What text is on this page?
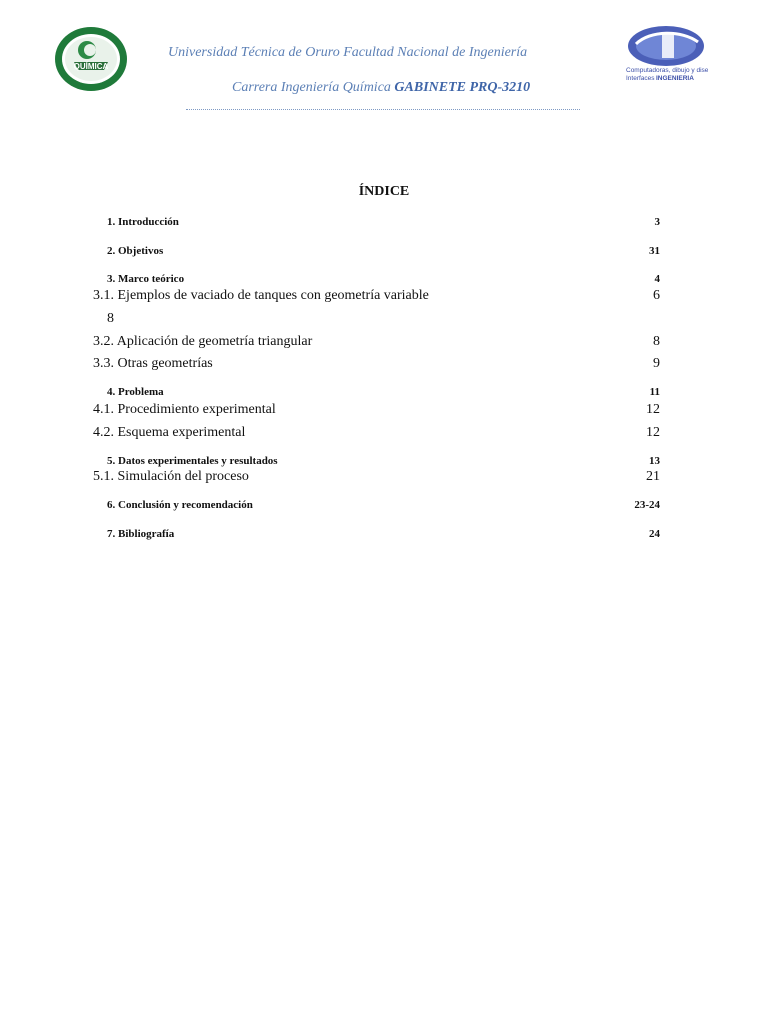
QUÍMICA
Universidad Técnica de Oruro Facultad Nacional de Ingeniería
Carrera Ingeniería Química GABINETE PRQ-3210
Computadoras, dibujo y diseño
Interfaces INGENIERIA
ÍNDICE
1. Introducción	3
2. Objetivos	31
3. Marco teórico	4
3.1. Ejemplos de vaciado de tanques con geometría variable	6
8
3.2. Aplicación de geometría triangular	8
3.3. Otras geometrías	9
4. Problema	11
4.1. Procedimiento experimental	12
4.2. Esquema experimental	12
5. Datos experimentales y resultados	13
5.1. Simulación del proceso	21
6. Conclusión y recomendación	23-24
7. Bibliografía	24
